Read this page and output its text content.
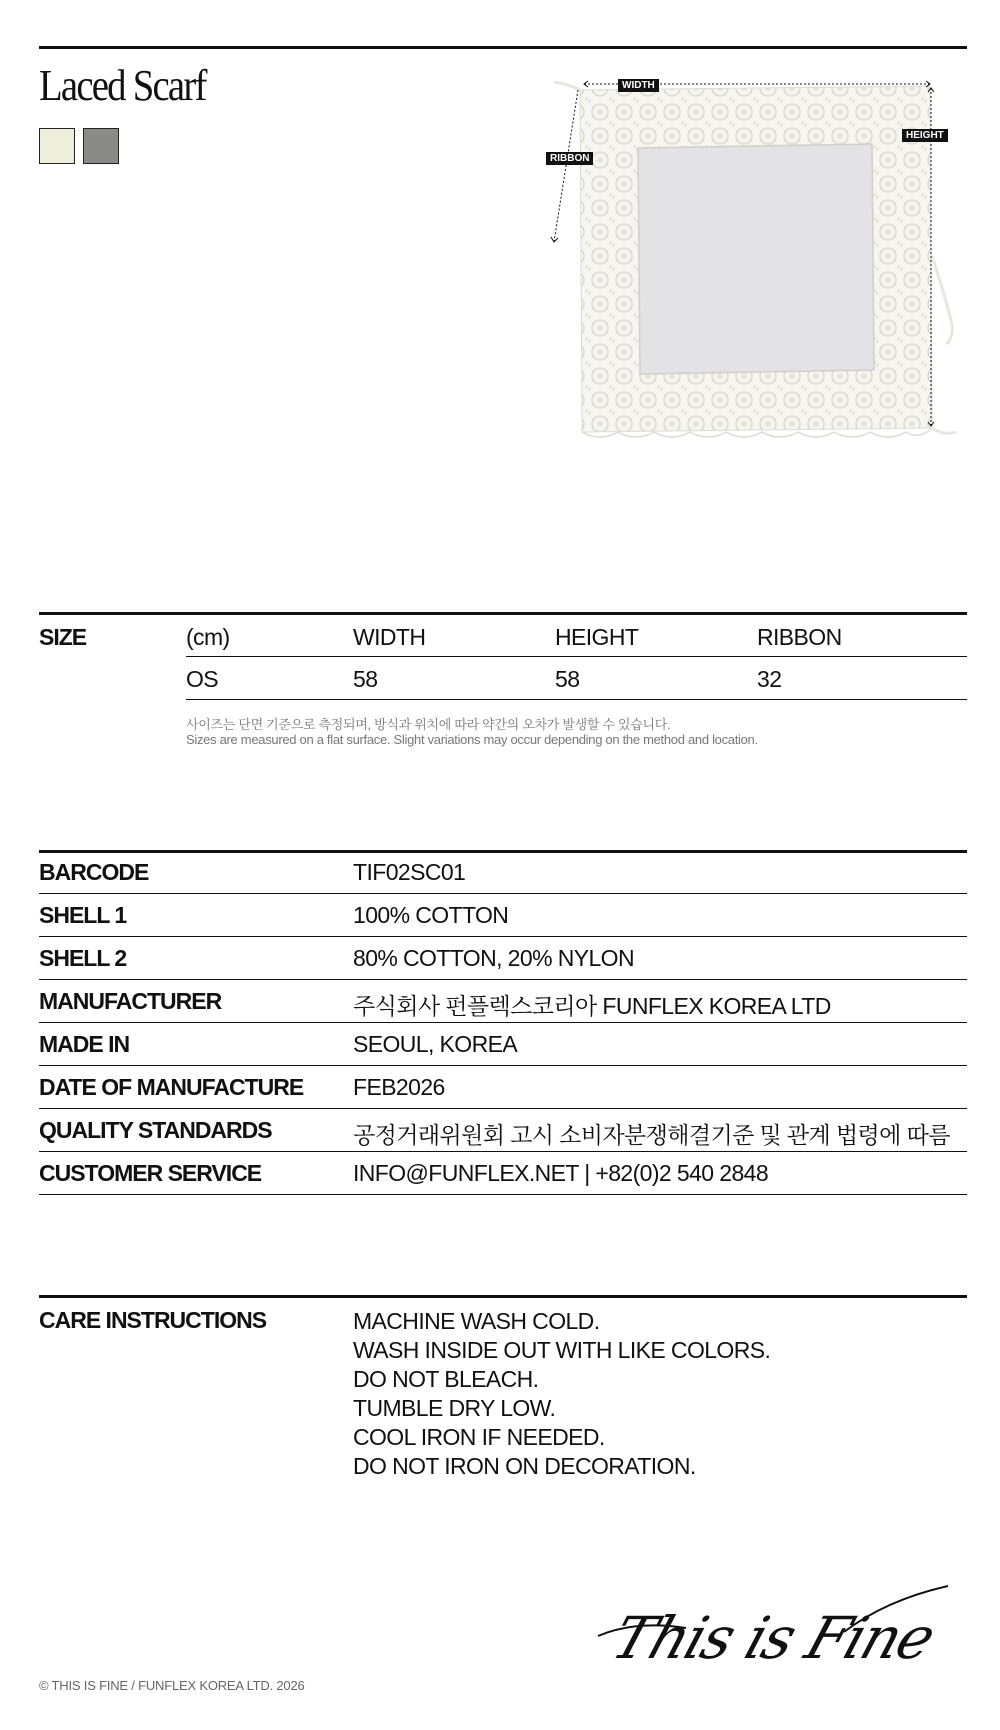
Laced Scarf	WIDTH
HEIGHT
RIBBON
SIZE	(cm)	WIDTH	HEIGHT	RIBBON
OS	58	58	32
사이즈는 단면 기준으로 측정되며, 방식과 위치에 따라 약간의 오차가 발생할 수 있습니다.
Sizes are measured on a flat surface. Slight variations may occur depending on the method and location.
BARCODE	TIF02SC01
SHELL 1	100% COTTON
SHELL 2	80% COTTON, 20% NYLON
MANUFACTURER	주식회사 펀플렉스코리아 FUNFLEX KOREA LTD
MADE IN	SEOUL, KOREA
DATE OF MANUFACTURE FEB2026
QUALITY STANDARDS	공정거래위원회 고시 소비자분쟁해결기준 및 관계 법령에 따름
CUSTOMER SERVICE	INFO@FUNFLEX.NET | +82(0)2 540 2848
CARE INSTRUCTIONS	MACHINE WASH COLD.
WASH INSIDE OUT WITH LIKE COLORS.
DO NOT BLEACH.
TUMBLE DRY LOW.
COOL IRON IF NEEDED.
DO NOT IRON ON DECORATION.
This is Fine
© THIS IS FINE / FUNFLEX KOREA LTD. 2026
